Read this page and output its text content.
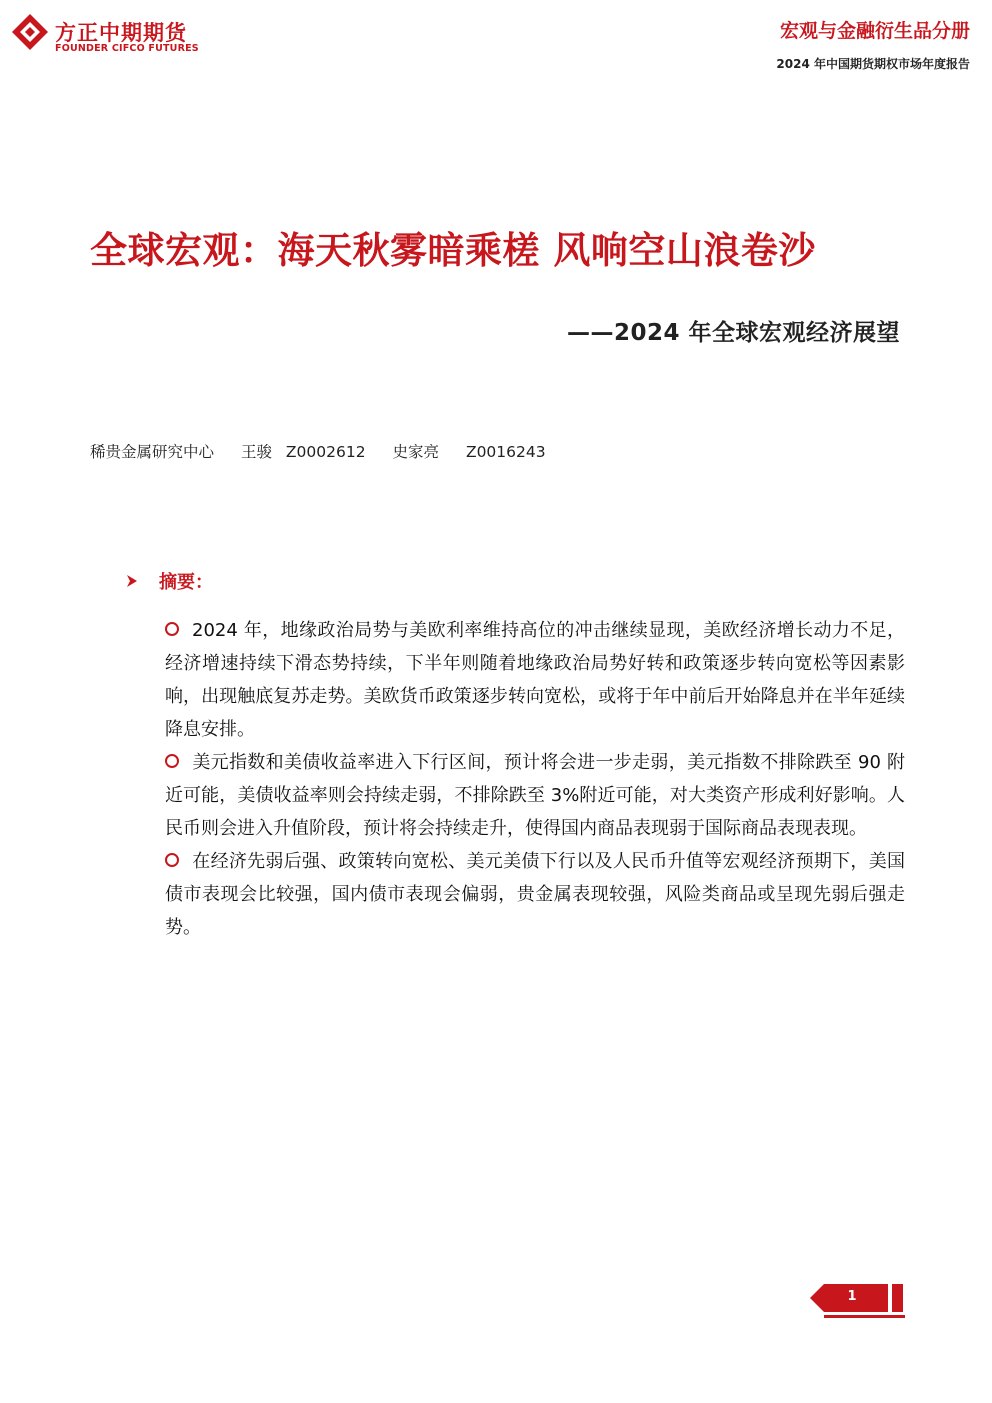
方正中期期货
FOUNDER CIFCO FUTURES
宏观与金融衍生品分册
2024 年中国期货期权市场年度报告
全球宏观：海天秋雾暗乘槎 风响空山浪卷沙
——2024 年全球宏观经济展望
稀贵金属研究中心 王骏 Z0002612 史家亮 Z0016243
摘要：

2024 年，地缘政治局势与美欧利率维持高位的冲击继续显现，美欧经济增长动力不足，经济增速持续下滑态势持续，下半年则随着地缘政治局势好转和政策逐步转向宽松等因素影响，出现触底复苏走势。美欧货币政策逐步转向宽松，或将于年中前后开始降息并在半年延续降息安排。

美元指数和美债收益率进入下行区间，预计将会进一步走弱，美元指数不排除跌至 90 附近可能，美债收益率则会持续走弱，不排除跌至 3%附近可能，对大类资产形成利好影响。人民币则会进入升值阶段，预计将会持续走升，使得国内商品表现弱于国际商品表现表现。

在经济先弱后强、政策转向宽松、美元美债下行以及人民币升值等宏观经济预期下，美国债市表现会比较强，国内债市表现会偏弱，贵金属表现较强，风险类商品或呈现先弱后强走势。

1
